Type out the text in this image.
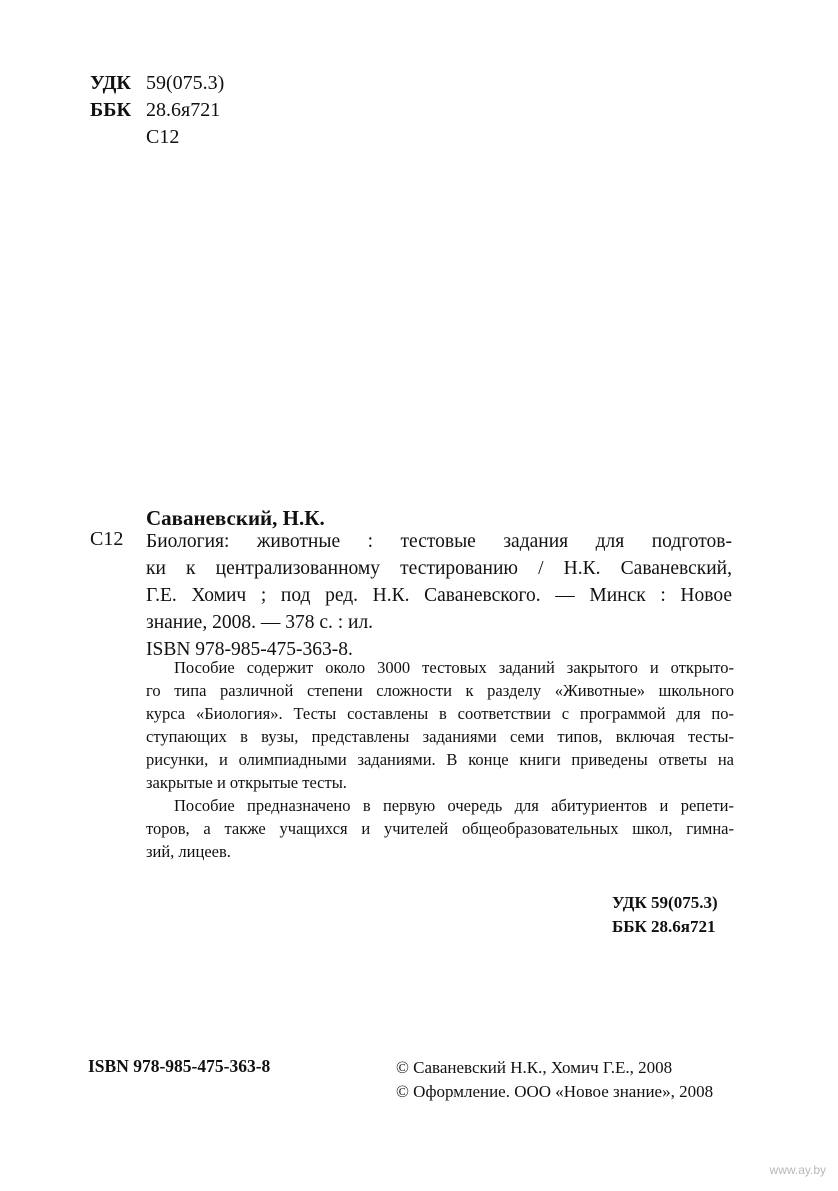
УДК 59(075.3)
ББК 28.6я721
С12
Саваневский, Н.К.
С12 Биология: животные : тестовые задания для подготов-
ки к централизованному тестированию / Н.К. Саваневский,
Г.Е. Хомич ; под ред. Н.К. Саваневского. — Минск : Новое
знание, 2008. — 378 с. : ил.
ISBN 978-985-475-363-8.
Пособие содержит около 3000 тестовых заданий закрытого и открыто-
го типа различной степени сложности к разделу «Животные» школьного
курса «Биология». Тесты составлены в соответствии с программой для по-
ступающих в вузы, представлены заданиями семи типов, включая тесты-
рисунки, и олимпиадными заданиями. В конце книги приведены ответы на
закрытые и открытые тесты.
Пособие предназначено в первую очередь для абитуриентов и репети-
торов, а также учащихся и учителей общеобразовательных школ, гимна-
зий, лицеев.
УДК 59(075.3)
ББК 28.6я721
ISBN 978-985-475-363-8	© Саваневский Н.К., Хомич Г.Е., 2008
© Оформление. ООО «Новое знание», 2008
www.ay.by
